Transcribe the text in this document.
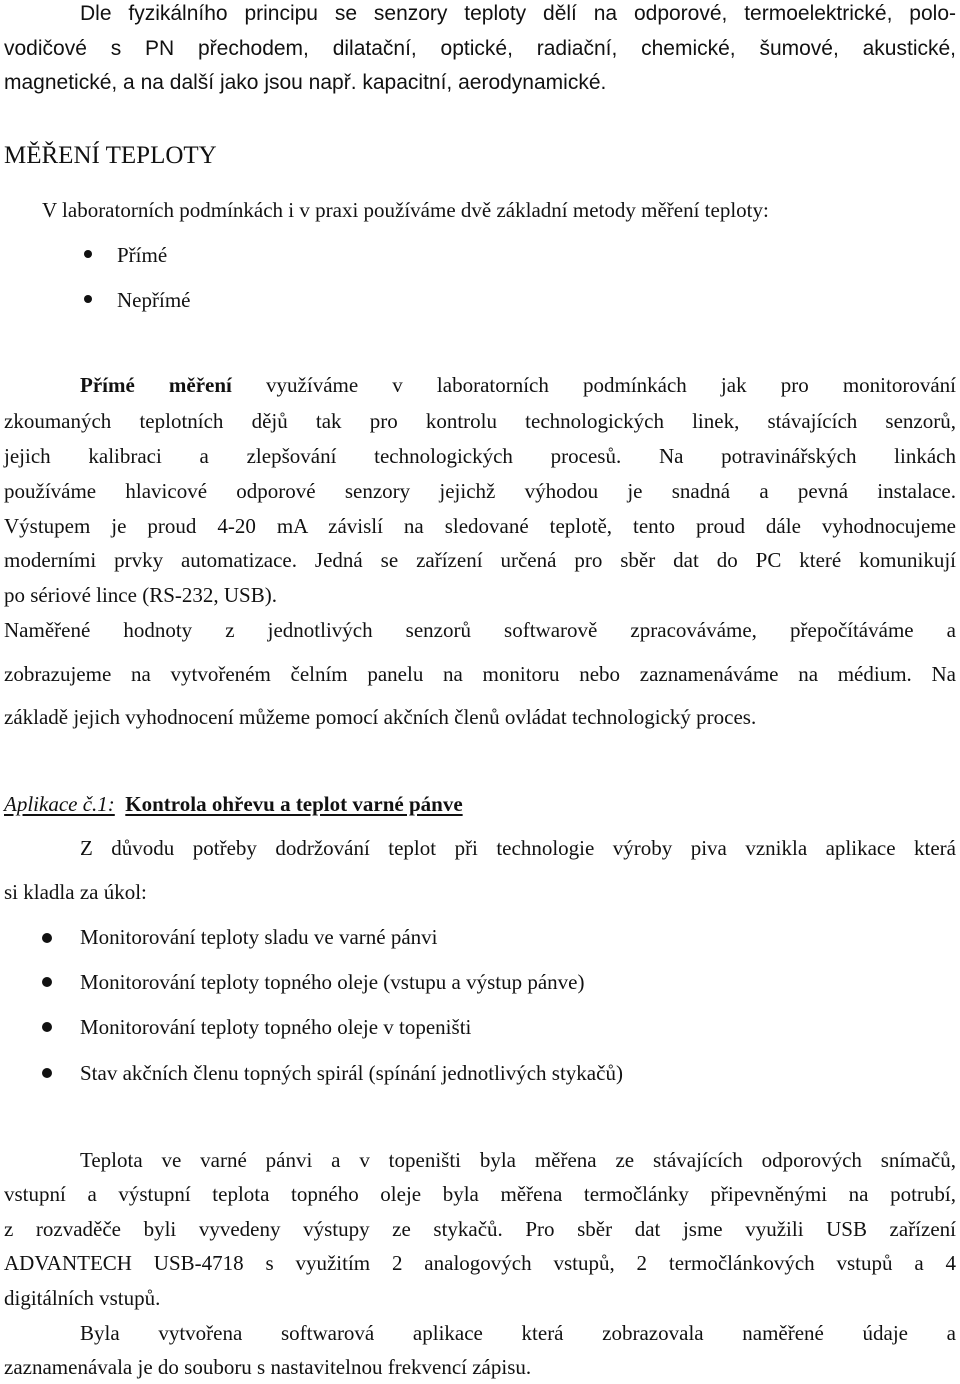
Dle fyzikálního principu se senzory teploty dělí na odporové, termoelektrické, polo-
vodičové s PN přechodem, dilatační, optické, radiační, chemické, šumové, akustické,
magnetické, a na další jako jsou např. kapacitní, aerodynamické.
MĚŘENÍ TEPLOTY
V laboratorních podmínkách i v praxi používáme dvě základní metody měření teploty:
Přímé
Nepřímé
Přímé měření využíváme v laboratorních podmínkách jak pro monitorování
zkoumaných teplotních dějů tak pro kontrolu technologických linek, stávajících senzorů,
jejich kalibraci a zlepšování technologických procesů. Na potravinářských linkách
používáme hlavicové odporové senzory jejichž výhodou je snadná a pevná instalace.
Výstupem je proud 4-20 mA závislí na sledované teplotě, tento proud dále vyhodnocujeme
moderními prvky automatizace. Jedná se zařízení určená pro sběr dat do PC které komunikují
po sériové lince (RS-232, USB).
Naměřené hodnoty z jednotlivých senzorů softwarově zpracováváme, přepočítáváme a
zobrazujeme na vytvořeném čelním panelu na monitoru nebo zaznamenáváme na médium. Na
základě jejich vyhodnocení můžeme pomocí akčních členů ovládat technologický proces.
Aplikace č.1: Kontrola ohřevu a teplot varné pánve
Z důvodu potřeby dodržování teplot při technologie výroby piva vznikla aplikace která
si kladla za úkol:
Monitorování teploty sladu ve varné pánvi
Monitorování teploty topného oleje (vstupu a výstup pánve)
Monitorování teploty topného oleje v topeništi
Stav akčních členu topných spirál (spínání jednotlivých stykačů)
Teplota ve varné pánvi a v topeništi byla měřena ze stávajících odporových snímačů,
vstupní a výstupní teplota topného oleje byla měřena termočlánky připevněnými na potrubí,
z rozvaděče byli vyvedeny výstupy ze stykačů. Pro sběr dat jsme využili USB zařízení
ADVANTECH USB-4718 s využitím 2 analogových vstupů, 2 termočlánkových vstupů a 4
digitálních vstupů.
Byla vytvořena softwarová aplikace která zobrazovala naměřené údaje a
zaznamenávala je do souboru s nastavitelnou frekvencí zápisu.
